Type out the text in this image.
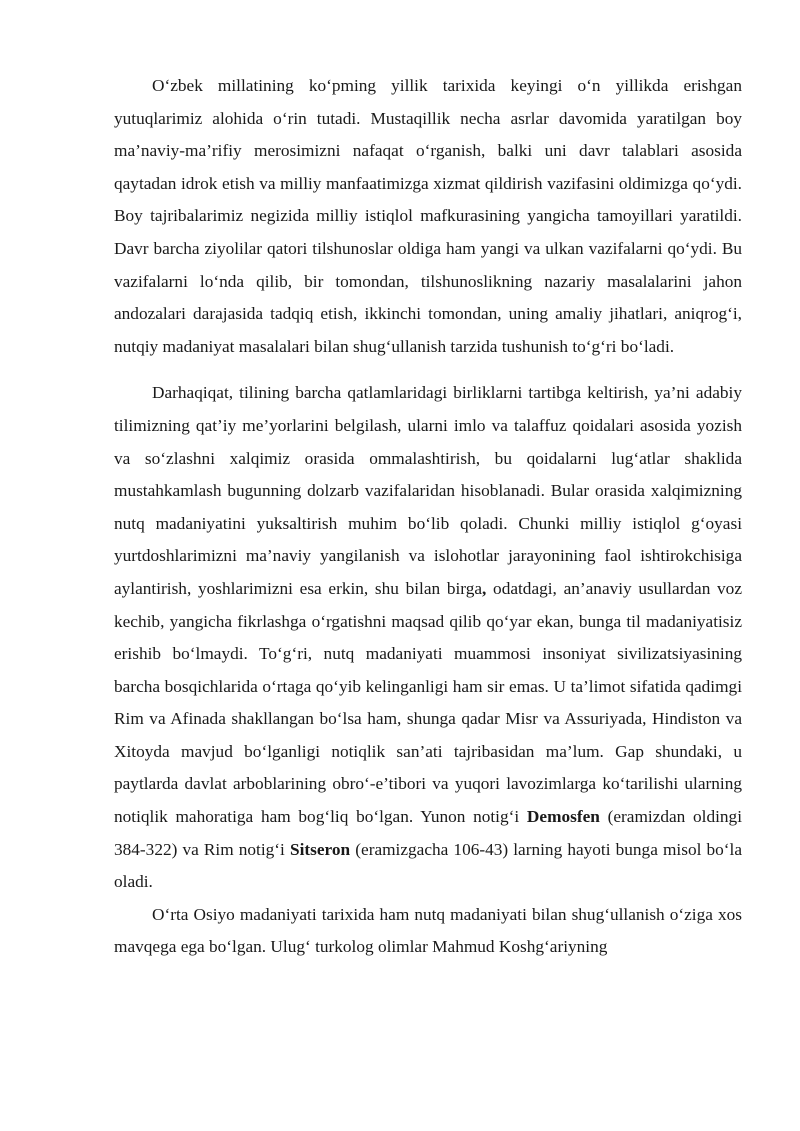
O‘zbek millatining ko‘pming yillik tarixida keyingi o‘n yillikda erishgan yutuqlarimiz alohida o‘rin tutadi. Mustaqillik necha asrlar davomida yaratilgan boy ma’naviy-ma’rifiy merosimizni nafaqat o‘rganish, balki uni davr talablari asosida qaytadan idrok etish va milliy manfaatimizga xizmat qildirish vazifasini oldimizga qo‘ydi. Boy tajribalarimiz negizida milliy istiqlol mafkurasining yangicha tamoyillari yaratildi. Davr barcha ziyolilar qatori tilshunoslar oldiga ham yangi va ulkan vazifalarni qo‘ydi. Bu vazifalarni lo‘nda qilib, bir tomondan, tilshunoslikning nazariy masalalarini jahon andozalari darajasida tadqiq etish, ikkinchi tomondan, uning amaliy jihatlari, aniqrog‘i, nutqiy madaniyat masalalari bilan shug‘ullanish tarzida tushunish to‘g‘ri bo‘ladi.

Darhaqiqat, tilining barcha qatlamlaridagi birliklarni tartibga keltirish, ya’ni adabiy tilimizning qat’iy me’yorlarini belgilash, ularni imlo va talaffuz qoidalari asosida yozish va so‘zlashni xalqimiz orasida ommalashtirish, bu qoidalarni lug‘atlar shaklida mustahkamlash bugunning dolzarb vazifalaridan hisoblanadi. Bular orasida xalqimizning nutq madaniyatini yuksaltirish muhim bo‘lib qoladi. Chunki milliy istiqlol g‘oyasi yurtdoshlarimizni ma’naviy yangilanish va islohotlar jarayonining faol ishtirokchisiga aylantirish, yoshlarimizni esa erkin, shu bilan birga, odatdagi, an’anaviy usullardan voz kechib, yangicha fikrlashga o‘rgatishni maqsad qilib qo‘yar ekan, bunga til madaniyatisiz erishib bo‘lmaydi. To‘g‘ri, nutq madaniyati muammosi insoniyat sivilizatsiyasining barcha bosqichlarida o‘rtaga qo‘yib kelinganligi ham sir emas. U ta’limot sifatida qadimgi Rim va Afinada shakllangan bo‘lsa ham, shunga qadar Misr va Assuriyada, Hindiston va Xitoyda mavjud bo‘lganligi notiqlik san’ati tajribasidan ma’lum. Gap shundaki, u paytlarda davlat arboblarining obro‘-e’tibori va yuqori lavozimlarga ko‘tarilishi ularning notiqlik mahoratiga ham bog‘liq bo‘lgan. Yunon notig‘i Demosfen (eramizdan oldingi 384-322) va Rim notig‘i Sitseron (eramizgacha 106-43) larning hayoti bunga misol bo‘la oladi.

O‘rta Osiyo madaniyati tarixida ham nutq madaniyati bilan shug‘ullanish o‘ziga xos mavqega ega bo‘lgan. Ulug‘ turkolog olimlar Mahmud Koshg‘ariyning
